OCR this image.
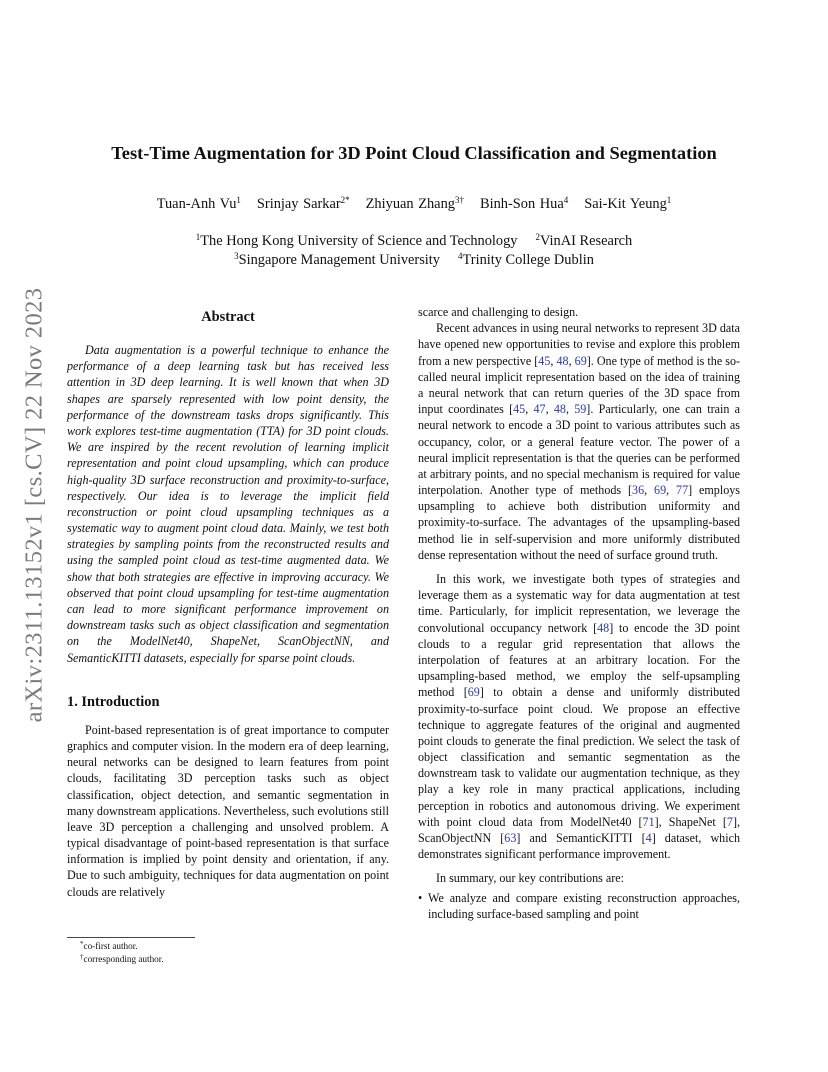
arXiv:2311.13152v1 [cs.CV] 22 Nov 2023
Test-Time Augmentation for 3D Point Cloud Classification and Segmentation
Tuan-Anh Vu$^1$ Srinjay Sarkar$^{2*}$ Zhiyuan Zhang$^{3\dagger}$ Binh-Son Hua$^4$ Sai-Kit Yeung$^1$
$^1$The Hong Kong University of Science and Technology $^2$VinAI Research
$^3$Singapore Management University $^4$Trinity College Dublin
Abstract

Data augmentation is a powerful technique to enhance the performance of a deep learning task but has received less attention in 3D deep learning. It is well known that when 3D shapes are sparsely represented with low point density, the performance of the downstream tasks drops significantly. This work explores test-time augmentation (TTA) for 3D point clouds. We are inspired by the recent revolution of learning implicit representation and point cloud upsampling, which can produce high-quality 3D surface reconstruction and proximity-to-surface, respectively. Our idea is to leverage the implicit field reconstruction or point cloud upsampling techniques as a systematic way to augment point cloud data. Mainly, we test both strategies by sampling points from the reconstructed results and using the sampled point cloud as test-time augmented data. We show that both strategies are effective in improving accuracy. We observed that point cloud upsampling for test-time augmentation can lead to more significant performance improvement on downstream tasks such as object classification and segmentation on the ModelNet40, ShapeNet, ScanObjectNN, and SemanticKITTI datasets, especially for sparse point clouds.

1. Introduction

Point-based representation is of great importance to computer graphics and computer vision. In the modern era of deep learning, neural networks can be designed to learn features from point clouds, facilitating 3D perception tasks such as object classification, object detection, and semantic segmentation in many downstream applications. Nevertheless, such evolutions still leave 3D perception a challenging and unsolved problem. A typical disadvantage of point-based representation is that surface information is implied by point density and orientation, if any. Due to such ambiguity, techniques for data augmentation on point clouds are relatively

scarce and challenging to design.

Recent advances in using neural networks to represent 3D data have opened new opportunities to revise and explore this problem from a new perspective [45, 48, 69]. One type of method is the so-called neural implicit representation based on the idea of training a neural network that can return queries of the 3D space from input coordinates [45, 47, 48, 59]. Particularly, one can train a neural network to encode a 3D point to various attributes such as occupancy, color, or a general feature vector. The power of a neural implicit representation is that the queries can be performed at arbitrary points, and no special mechanism is required for value interpolation. Another type of methods [36, 69, 77] employs upsampling to achieve both distribution uniformity and proximity-to-surface. The advantages of the upsampling-based method lie in self-supervision and more uniformly distributed dense representation without the need of surface ground truth.

In this work, we investigate both types of strategies and leverage them as a systematic way for data augmentation at test time. Particularly, for implicit representation, we leverage the convolutional occupancy network [48] to encode the 3D point clouds to a regular grid representation that allows the interpolation of features at an arbitrary location. For the upsampling-based method, we employ the self-upsampling method [69] to obtain a dense and uniformly distributed proximity-to-surface point cloud. We propose an effective technique to aggregate features of the original and augmented point clouds to generate the final prediction. We select the task of object classification and semantic segmentation as the downstream task to validate our augmentation technique, as they play a key role in many practical applications, including perception in robotics and autonomous driving. We experiment with point cloud data from ModelNet40 [71], ShapeNet [7], ScanObjectNN [63] and SemanticKITTI [4] dataset, which demonstrates significant performance improvement.

In summary, our key contributions are:

• We analyze and compare existing reconstruction approaches, including surface-based sampling and point
*co-first author.
†corresponding author.
